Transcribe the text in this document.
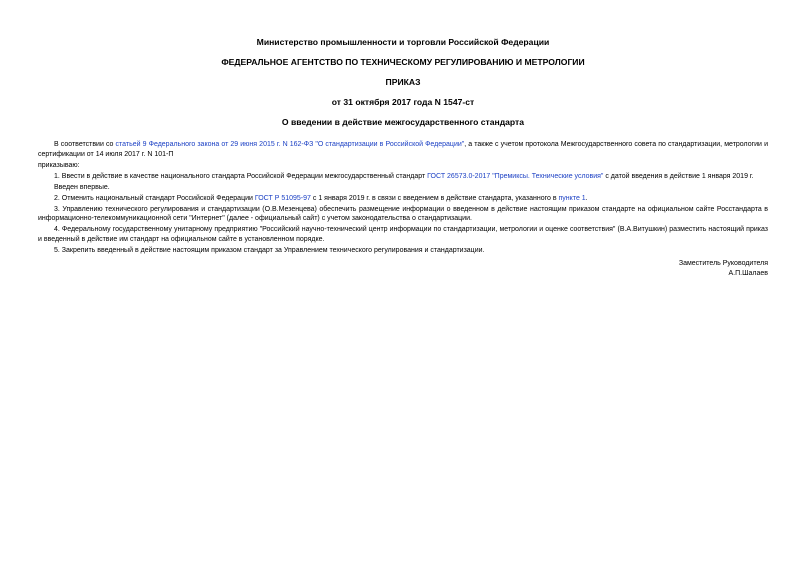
Министерство промышленности и торговли Российской Федерации
ФЕДЕРАЛЬНОЕ АГЕНТСТВО ПО ТЕХНИЧЕСКОМУ РЕГУЛИРОВАНИЮ И МЕТРОЛОГИИ
ПРИКАЗ
от 31 октября 2017 года N 1547-ст
О введении в действие межгосударственного стандарта

В соответствии со статьей 9 Федерального закона от 29 июня 2015 г. N 162-ФЗ "О стандартизации в Российской Федерации", а также с учетом протокола Межгосударственного совета по стандартизации, метрологии и сертификации от 14 июля 2017 г. N 101-П

приказываю:

1. Ввести в действие в качестве национального стандарта Российской Федерации межгосударственный стандарт ГОСТ 26573.0-2017 "Премиксы. Технические условия" с датой введения в действие 1 января 2019 г.

Введен впервые.

2. Отменить национальный стандарт Российской Федерации ГОСТ Р 51095-97 с 1 января 2019 г. в связи с введением в действие стандарта, указанного в пункте 1.

3. Управлению технического регулирования и стандартизации (О.В.Мезенцева) обеспечить размещение информации о введенном в действие настоящим приказом стандарте на официальном сайте Росстандарта в информационно-телекоммуникационной сети "Интернет" (далее - официальный сайт) с учетом законодательства о стандартизации.

4. Федеральному государственному унитарному предприятию "Российский научно-технический центр информации по стандартизации, метрологии и оценке соответствия" (В.А.Витушкин) разместить настоящий приказ и введенный в действие им стандарт на официальном сайте в установленном порядке.

5. Закрепить введенный в действие настоящим приказом стандарт за Управлением технического регулирования и стандартизации.

Заместитель Руководителя
А.П.Шалаев
